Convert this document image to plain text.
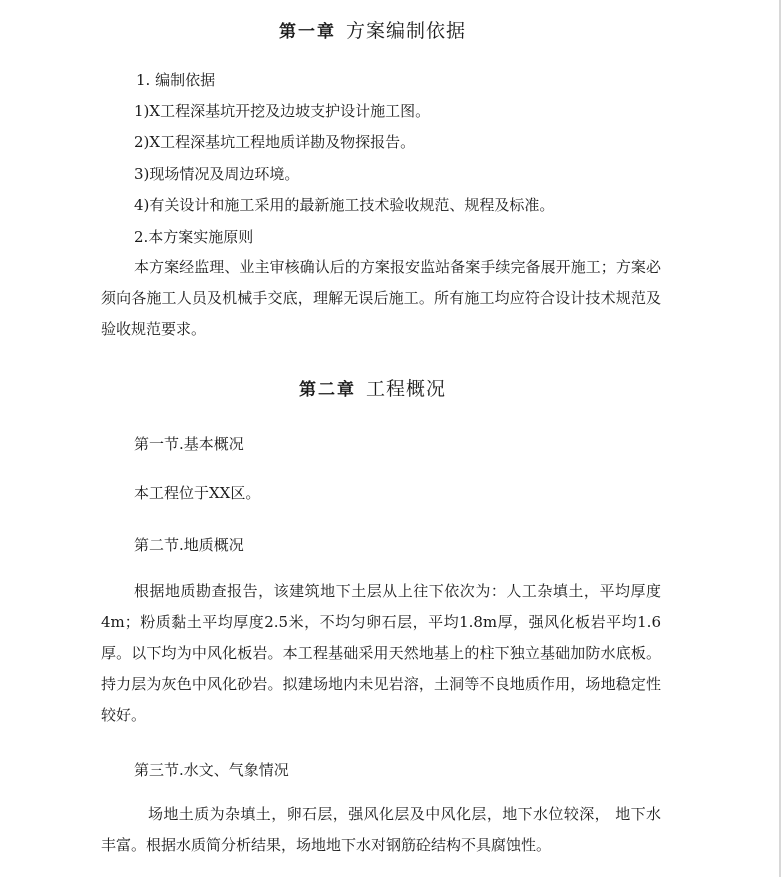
第一章 方案编制依据
1. 编制依据
1)X工程深基坑开挖及边坡支护设计施工图。
2)X工程深基坑工程地质详勘及物探报告。
3)现场情况及周边环境。
4)有关设计和施工采用的最新施工技术验收规范、规程及标准。
2.本方案实施原则
本方案经监理、业主审核确认后的方案报安监站备案手续完备展开施工；方案必须向各施工人员及机械手交底，理解无误后施工。所有施工均应符合设计技术规范及验收规范要求。
第二章 工程概况
第一节.基本概况
本工程位于XX区。
第二节.地质概况
根据地质勘查报告，该建筑地下土层从上往下依次为：人工杂填土，平均厚度4m；粉质黏土平均厚度2.5米，不均匀卵石层，平均1.8m厚，强风化板岩平均1.6厚。以下均为中风化板岩。本工程基础采用天然地基上的柱下独立基础加防水底板。持力层为灰色中风化砂岩。拟建场地内未见岩溶，土洞等不良地质作用，场地稳定性较好。
第三节.水文、气象情况
场地土质为杂填土，卵石层，强风化层及中风化层，地下水位较深， 地下水丰富。根据水质简分析结果，场地地下水对钢筋砼结构不具腐蚀性。
